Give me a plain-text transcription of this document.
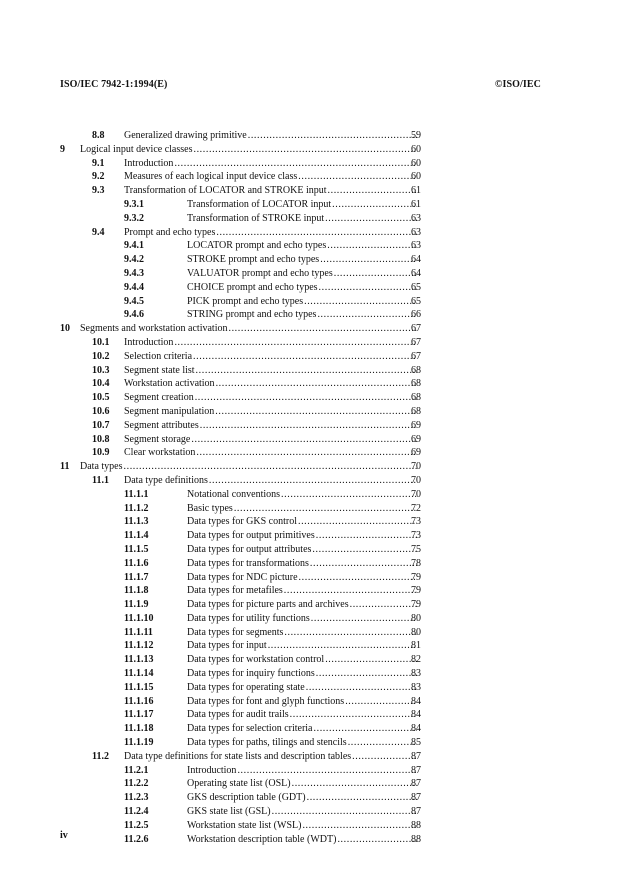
ISO/IEC 7942-1:1994(E)	©ISO/IEC
8.8 Generalized drawing primitive .....	59
9 Logical input device classes .....	60
9.1 Introduction .....	60
9.2 Measures of each logical input device class .....	60
9.3 Transformation of LOCATOR and STROKE input .....	61
9.3.1	Transformation of LOCATOR input .....	61
9.3.2	Transformation of STROKE input .....	63
9.4 Prompt and echo types .....	63
9.4.1	LOCATOR prompt and echo types .....	63
9.4.2	STROKE prompt and echo types .....	64
9.4.3	VALUATOR prompt and echo types .....	64
9.4.4	CHOICE prompt and echo types .....	65
9.4.5	PICK prompt and echo types .....	65
9.4.6	STRING prompt and echo types .....	66
10 Segments and workstation activation .....	67
10.1 Introduction .....	67
10.2 Selection criteria .....	67
10.3 Segment state list .....	68
10.4 Workstation activation .....	68
10.5 Segment creation .....	68
10.6 Segment manipulation .....	68
10.7 Segment attributes .....	69
10.8 Segment storage .....	69
10.9 Clear workstation .....	69
11 Data types .....	70
11.1 Data type definitions .....	70
11.1.1	Notational conventions .....	70
11.1.2	Basic types .....	72
11.1.3	Data types for GKS control .....	73
11.1.4	Data types for output primitives .....	73
11.1.5	Data types for output attributes .....	75
11.1.6	Data types for transformations .....	78
11.1.7	Data types for NDC picture .....	79
11.1.8	Data types for metafiles .....	79
11.1.9	Data types for picture parts and archives .....	79
11.1.10	Data types for utility functions .....	80
11.1.11	Data types for segments .....	80
11.1.12	Data types for input .....	81
11.1.13	Data types for workstation control .....	82
11.1.14	Data types for inquiry functions .....	83
11.1.15	Data types for operating state .....	83
11.1.16	Data types for font and glyph functions .....	84
11.1.17	Data types for audit trails .....	84
11.1.18	Data types for selection criteria .....	84
11.1.19	Data types for paths, tilings and stencils .....	85
11.2 Data type definitions for state lists and description tables .....	87
11.2.1	Introduction .....	87
11.2.2	Operating state list (OSL) .....	87
11.2.3	GKS description table (GDT) .....	87
11.2.4	GKS state list (GSL) .....	87
11.2.5	Workstation state list (WSL) .....	88
11.2.6	Workstation description table (WDT) .....	88
iv
